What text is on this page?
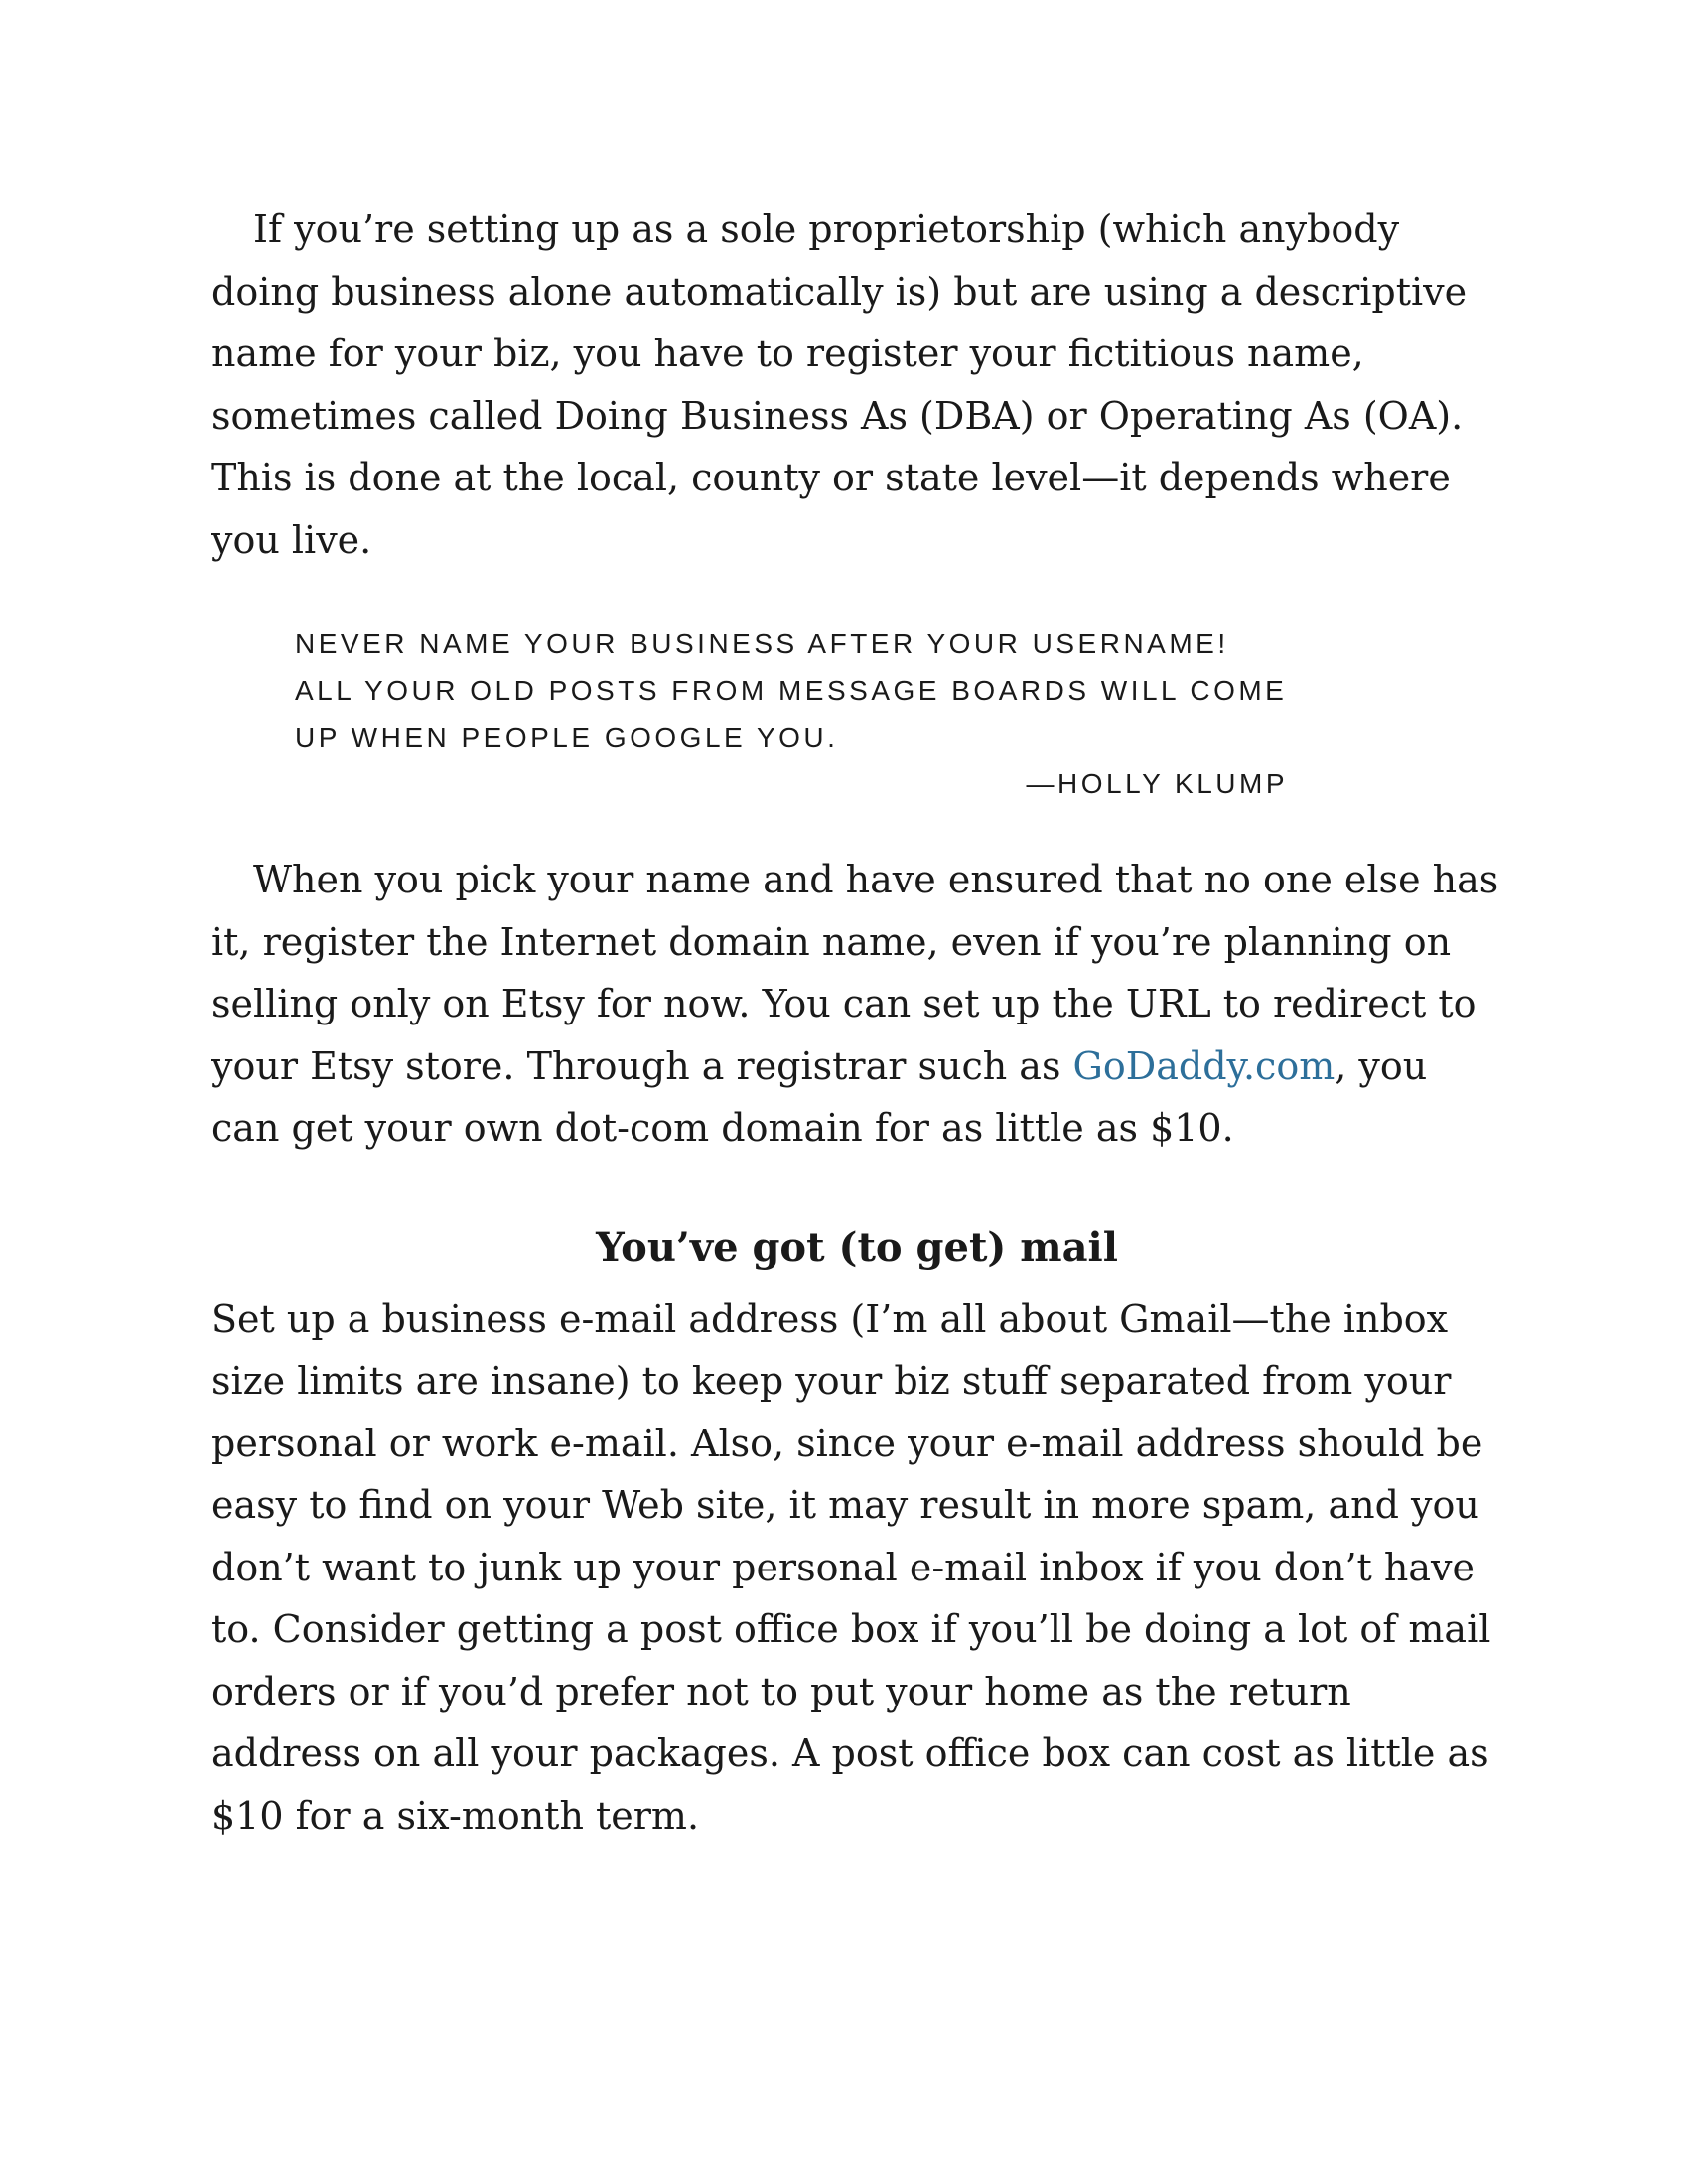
If you’re setting up as a sole proprietorship (which anybody doing business alone automatically is) but are using a descriptive name for your biz, you have to register your fictitious name, sometimes called Doing Business As (DBA) or Operating As (OA). This is done at the local, county or state level—it depends where you live.

NEVER NAME YOUR BUSINESS AFTER YOUR USERNAME! ALL YOUR OLD POSTS FROM MESSAGE BOARDS WILL COME UP WHEN PEOPLE GOOGLE YOU.

—HOLLY KLUMP

When you pick your name and have ensured that no one else has it, register the Internet domain name, even if you’re planning on selling only on Etsy for now. You can set up the URL to redirect to your Etsy store. Through a registrar such as GoDaddy.com, you can get your own dot-com domain for as little as $10.

You’ve got (to get) mail

Set up a business e-mail address (I’m all about Gmail—the inbox size limits are insane) to keep your biz stuff separated from your personal or work e-mail. Also, since your e-mail address should be easy to find on your Web site, it may result in more spam, and you don’t want to junk up your personal e-mail inbox if you don’t have to. Consider getting a post office box if you’ll be doing a lot of mail orders or if you’d prefer not to put your home as the return address on all your packages. A post office box can cost as little as $10 for a six-month term.
